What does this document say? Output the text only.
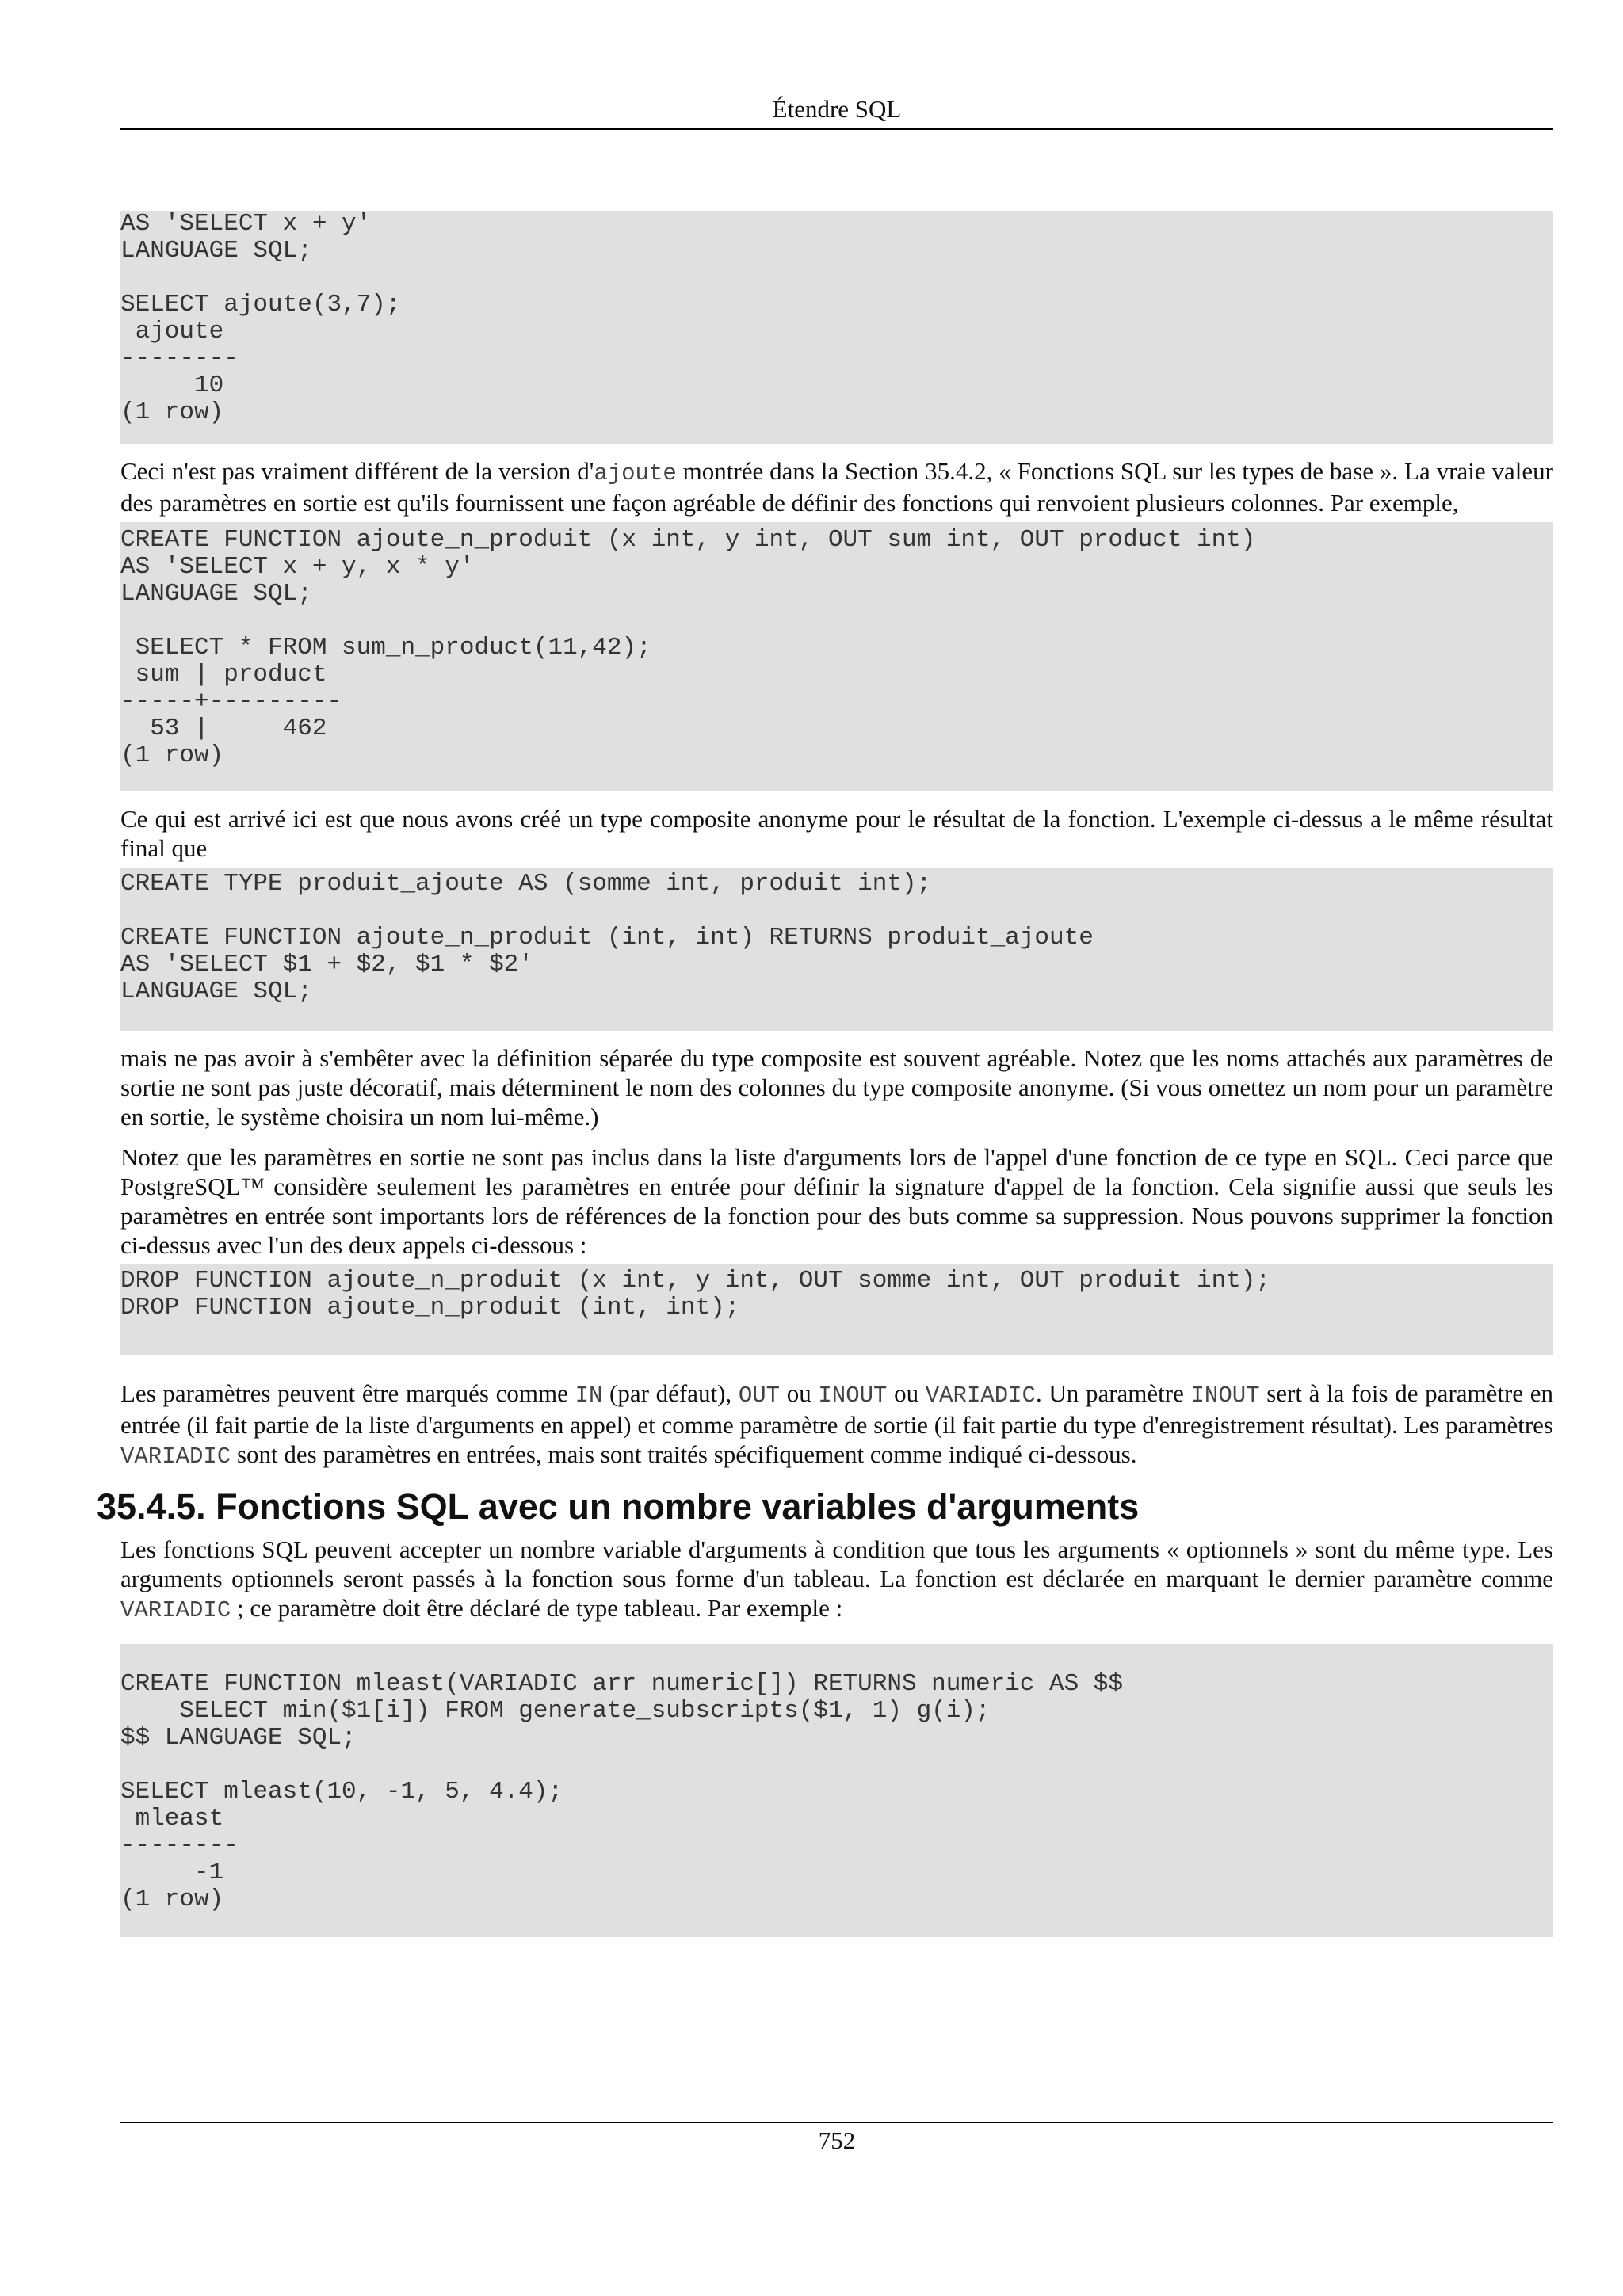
Étendre SQL
AS 'SELECT x + y'
LANGUAGE SQL;

SELECT ajoute(3,7);
ajoute
--------
10
(1 row)

Ceci n'est pas vraiment différent de la version d'ajoute montrée dans la Section 35.4.2, « Fonctions SQL sur les types de base ». La vraie valeur des paramètres en sortie est qu'ils fournissent une façon agréable de définir des fonctions qui renvoient plusieurs colonnes. Par exemple,

CREATE FUNCTION ajoute_n_produit (x int, y int, OUT sum int, OUT product int)
AS 'SELECT x + y, x * y'
LANGUAGE SQL;

SELECT * FROM sum_n_product(11,42);
sum | product
-----+---------
53 |     462
(1 row)

Ce qui est arrivé ici est que nous avons créé un type composite anonyme pour le résultat de la fonction. L'exemple ci-dessus a le même résultat final que

CREATE TYPE produit_ajoute AS (somme int, produit int);

CREATE FUNCTION ajoute_n_produit (int, int) RETURNS produit_ajoute
AS 'SELECT $1 + $2, $1 * $2'
LANGUAGE SQL;

mais ne pas avoir à s'embêter avec la définition séparée du type composite est souvent agréable. Notez que les noms attachés aux paramètres de sortie ne sont pas juste décoratif, mais déterminent le nom des colonnes du type composite anonyme. (Si vous omettez un nom pour un paramètre en sortie, le système choisira un nom lui-même.)

Notez que les paramètres en sortie ne sont pas inclus dans la liste d'arguments lors de l'appel d'une fonction de ce type en SQL. Ceci parce que PostgreSQL™ considère seulement les paramètres en entrée pour définir la signature d'appel de la fonction. Cela signifie aussi que seuls les paramètres en entrée sont importants lors de références de la fonction pour des buts comme sa suppression. Nous pouvons supprimer la fonction ci-dessus avec l'un des deux appels ci-dessous :

DROP FUNCTION ajoute_n_produit (x int, y int, OUT somme int, OUT produit int);
DROP FUNCTION ajoute_n_produit (int, int);

Les paramètres peuvent être marqués comme IN (par défaut), OUT ou INOUT ou VARIADIC. Un paramètre INOUT sert à la fois de paramètre en entrée (il fait partie de la liste d'arguments en appel) et comme paramètre de sortie (il fait partie du type d'enregistrement résultat). Les paramètres VARIADIC sont des paramètres en entrées, mais sont traités spécifiquement comme indiqué ci-dessous.

35.4.5. Fonctions SQL avec un nombre variables d'arguments

Les fonctions SQL peuvent accepter un nombre variable d'arguments à condition que tous les arguments « optionnels » sont du même type. Les arguments optionnels seront passés à la fonction sous forme d'un tableau. La fonction est déclarée en marquant le dernier paramètre comme VARIADIC ; ce paramètre doit être déclaré de type tableau. Par exemple :

CREATE FUNCTION mleast(VARIADIC arr numeric[]) RETURNS numeric AS $$
SELECT min($1[i]) FROM generate_subscripts($1, 1) g(i);
$$ LANGUAGE SQL;

SELECT mleast(10, -1, 5, 4.4);
mleast
--------
-1
(1 row)
752
